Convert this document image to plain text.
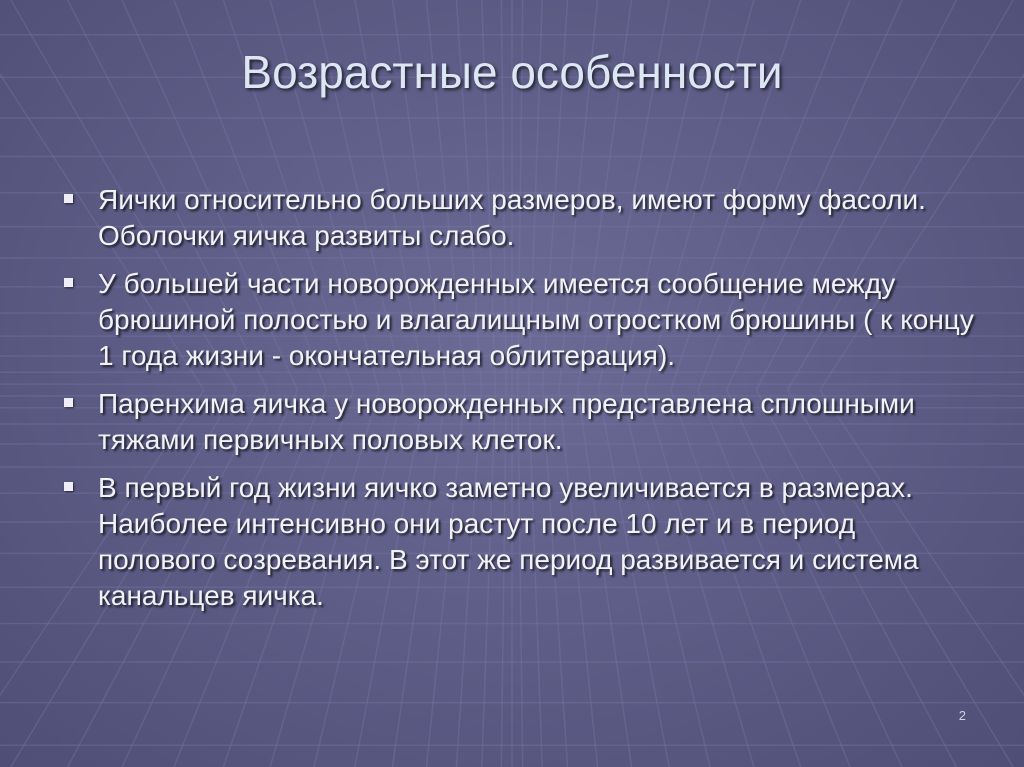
Возрастные особенности
Яички относительно больших размеров, имеют форму фасоли. Оболочки яичка развиты слабо.
У большей части новорожденных имеется сообщение между брюшиной полостью и влагалищным отростком брюшины ( к концу 1 года жизни - окончательная облитерация).
Паренхима яичка у новорожденных представлена сплошными тяжами первичных половых клеток.
В первый год жизни яичко заметно увеличивается в размерах. Наиболее интенсивно они растут после 10 лет и в период полового созревания. В этот же период развивается и система канальцев яичка.
2
